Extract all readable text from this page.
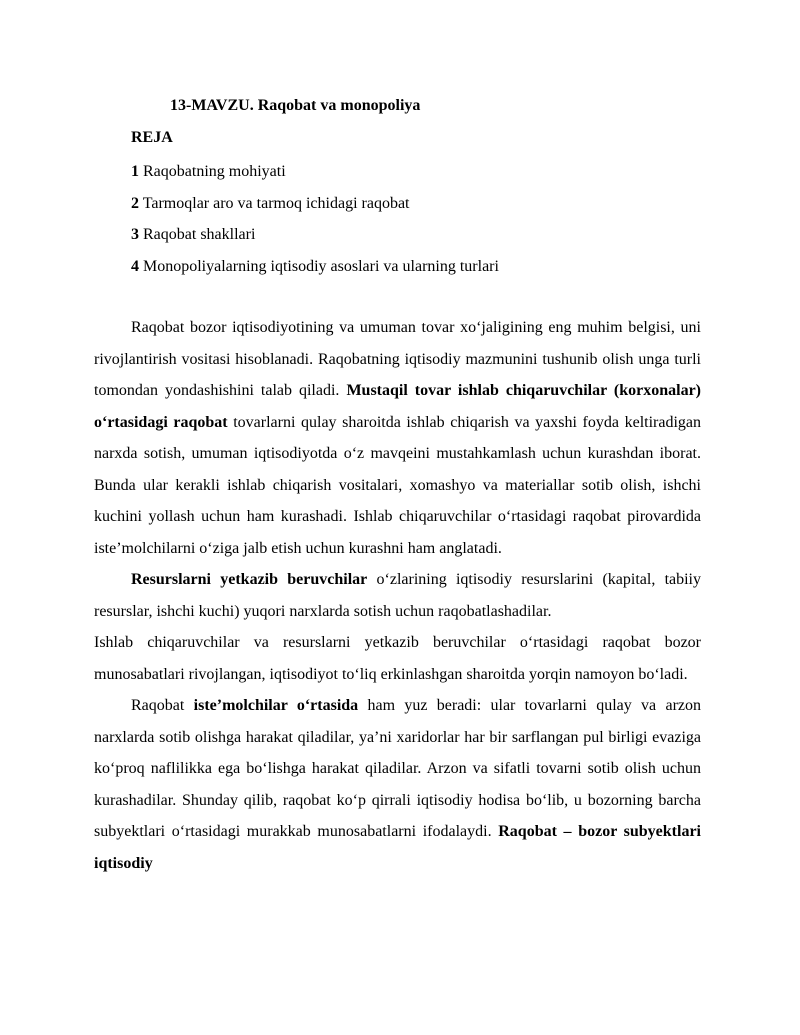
13-MAVZU. Raqobat va monopoliya
REJA
1 Raqobatning mohiyati
2 Tarmoqlar aro va tarmoq ichidagi raqobat
3 Raqobat shakllari
4 Monopoliyalarning iqtisodiy asoslari va ularning turlari

Raqobat bozor iqtisodiyotining va umuman tovar xo‘jaligining eng muhim belgisi, uni rivojlantirish vositasi hisoblanadi. Raqobatning iqtisodiy mazmunini tushunib olish unga turli tomondan yondashishini talab qiladi. Mustaqil tovar ishlab chiqaruvchilar (korxonalar) o‘rtasidagi raqobat tovarlarni qulay sharoitda ishlab chiqarish va yaxshi foyda keltiradigan narxda sotish, umuman iqtisodiyotda o‘z mavqeini mustahkamlash uchun kurashdan iborat. Bunda ular kerakli ishlab chiqarish vositalari, xomashyo va materiallar sotib olish, ishchi kuchini yollash uchun ham kurashadi. Ishlab chiqaruvchilar o‘rtasidagi raqobat pirovardida iste’molchilarni o‘ziga jalb etish uchun kurashni ham anglatadi.

Resurslarni yetkazib beruvchilar o‘zlarining iqtisodiy resurslarini (kapital, tabiiy resurslar, ishchi kuchi) yuqori narxlarda sotish uchun raqobatlashadilar.

Ishlab chiqaruvchilar va resurslarni yetkazib beruvchilar o‘rtasidagi raqobat bozor munosabatlari rivojlangan, iqtisodiyot to‘liq erkinlashgan sharoitda yorqin namoyon bo‘ladi.

Raqobat iste’molchilar o‘rtasida ham yuz beradi: ular tovarlarni qulay va arzon narxlarda sotib olishga harakat qiladilar, ya’ni xaridorlar har bir sarflangan pul birligi evaziga ko‘proq naflilikka ega bo‘lishga harakat qiladilar. Arzon va sifatli tovarni sotib olish uchun kurashadilar. Shunday qilib, raqobat ko‘p qirrali iqtisodiy hodisa bo‘lib, u bozorning barcha subyektlari o‘rtasidagi murakkab munosabatlarni ifodalaydi. Raqobat – bozor subyektlari iqtisodiy
